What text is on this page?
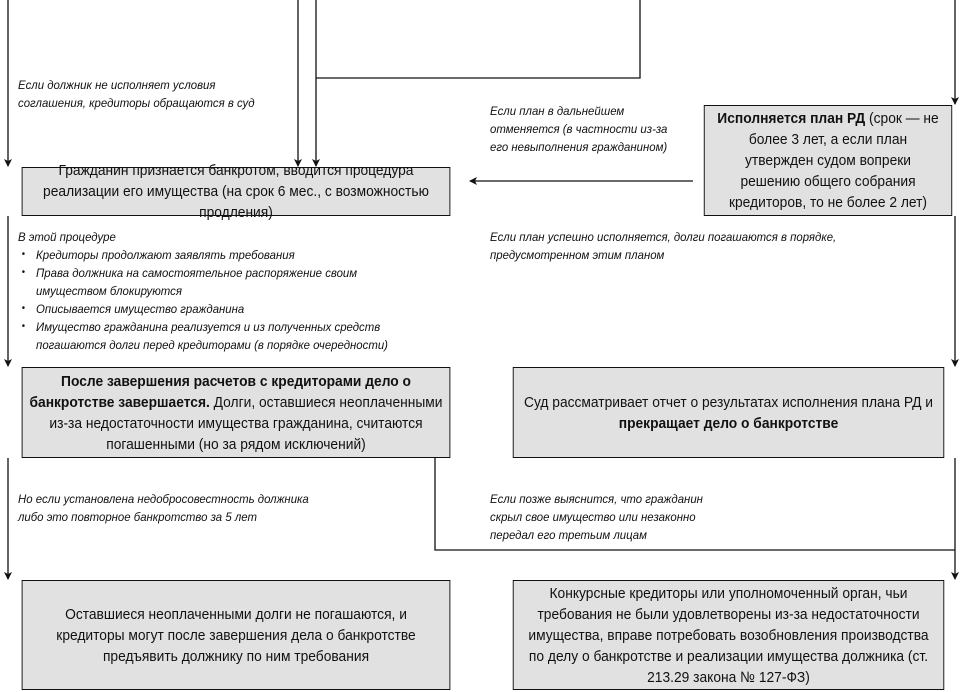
Если должник не исполняет условия соглашения, кредиторы обращаются в суд
Если план в дальнейшем отменяется (в частности из-за его невыполнения гражданином)
В этой процедуре
• Кредиторы продолжают заявлять требования
• Права должника на самостоятельное распоряжение своим имуществом блокируются
• Описывается имущество гражданина
• Имущество гражданина реализуется и из полученных средств погашаются долги перед кредиторами (в порядке очередности)
Если план успешно исполняется, долги погашаются в порядке, предусмотренном этим планом
Но если установлена недобросовестность должника либо это повторное банкротство за 5 лет
Если позже выяснится, что гражданин скрыл свое имущество или незаконно передал его третьим лицам
Гражданин признается банкротом, вводится процедура реализации его имущества (на срок 6 мес., с возможностью продления)
Исполняется план РД (срок — не более 3 лет, а если план утвержден судом вопреки решению общего собрания кредиторов, то не более 2 лет)
После завершения расчетов с кредиторами дело о банкротстве завершается. Долги, оставшиеся неоплаченными из-за недостаточности имущества гражданина, считаются погашенными (но за рядом исключений)
Суд рассматривает отчет о результатах исполнения плана РД и прекращает дело о банкротстве
Оставшиеся неоплаченными долги не погашаются, и кредиторы могут после завершения дела о банкротстве предъявить должнику по ним требования
Конкурсные кредиторы или уполномоченный орган, чьи требования не были удовлетворены из-за недостаточности имущества, вправе потребовать возобновления производства по делу о банкротстве и реализации имущества должника (ст. 213.29 закона № 127-ФЗ)
